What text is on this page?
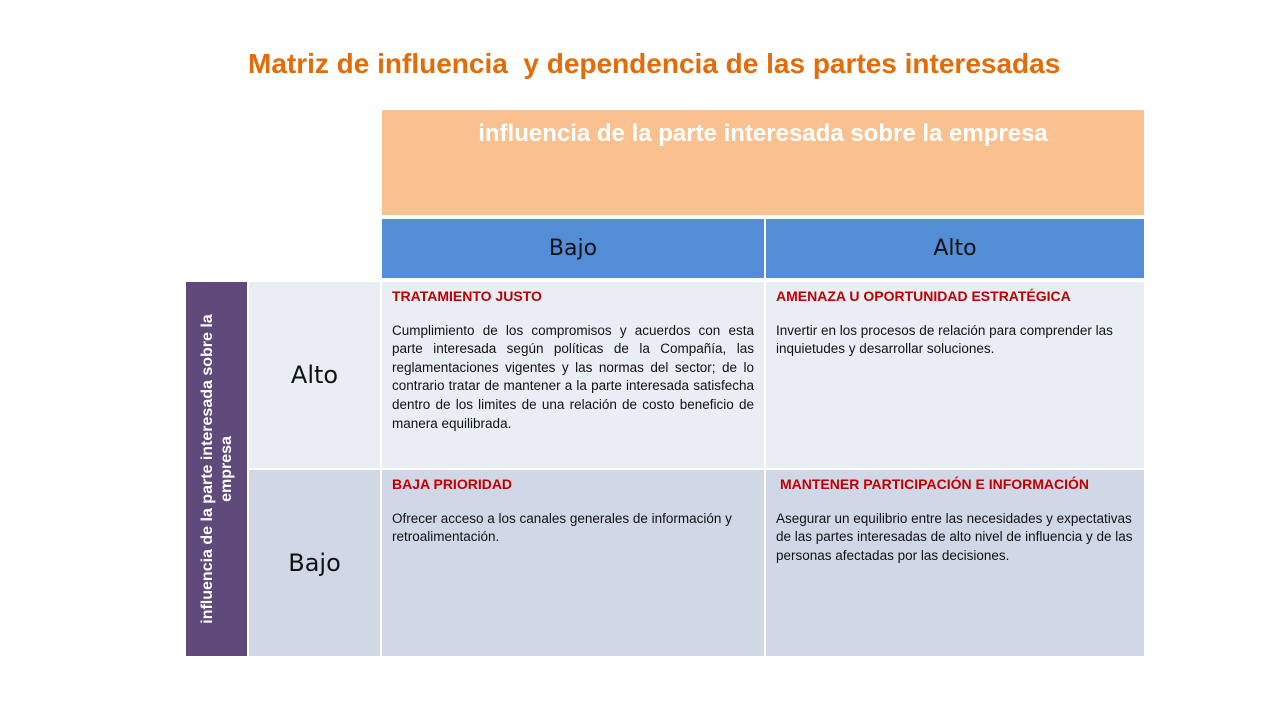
Matriz de influencia  y dependencia de las partes interesadas
influencia de la parte interesada sobre la empresa
Bajo	Alto
influencia de la parte interesada sobre la empresa
Alto
Bajo
TRATAMIENTO JUSTO
Cumplimiento de los compromisos y acuerdos con esta parte interesada según políticas de la Compañía, las reglamentaciones vigentes y las normas del sector; de lo contrario tratar de mantener a la parte interesada satisfecha dentro de los limites de una relación de costo beneficio de manera equilibrada.
AMENAZA U OPORTUNIDAD ESTRATÉGICA
Invertir en los procesos de relación para comprender las inquietudes y desarrollar soluciones.
BAJA PRIORIDAD
Ofrecer acceso a los canales generales de información y retroalimentación.
MANTENER PARTICIPACIÓN E INFORMACIÓN
Asegurar un equilibrio entre las necesidades y expectativas de las partes interesadas de alto nivel de influencia y de las personas afectadas por las decisiones.
